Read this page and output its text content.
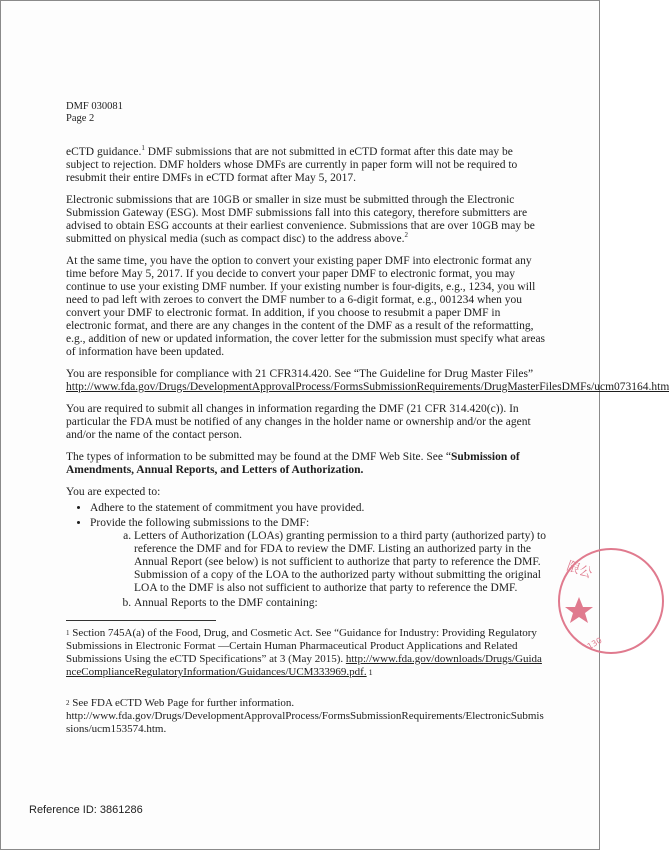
DMF 030081
Page 2

eCTD guidance.$^1$ DMF submissions that are not submitted in eCTD format after this date may be subject to rejection. DMF holders whose DMFs are currently in paper form will not be required to resubmit their entire DMFs in eCTD format after May 5, 2017.

Electronic submissions that are 10GB or smaller in size must be submitted through the Electronic Submission Gateway (ESG). Most DMF submissions fall into this category, therefore submitters are advised to obtain ESG accounts at their earliest convenience. Submissions that are over 10GB may be submitted on physical media (such as compact disc) to the address above.$^2$

At the same time, you have the option to convert your existing paper DMF into electronic format any time before May 5, 2017. If you decide to convert your paper DMF to electronic format, you may continue to use your existing DMF number. If your existing number is four-digits, e.g., 1234, you will need to pad left with zeroes to convert the DMF number to a 6-digit format, e.g., 001234 when you convert your DMF to electronic format. In addition, if you choose to resubmit a paper DMF in electronic format, and there are any changes in the content of the DMF as a result of the reformatting, e.g., addition of new or updated information, the cover letter for the submission must specify what areas of information have been updated.

You are responsible for compliance with 21 CFR314.420. See “The Guideline for Drug Master Files” http://www.fda.gov/Drugs/DevelopmentApprovalProcess/FormsSubmissionRequirements/DrugMasterFilesDMFs/ucm073164.htm

You are required to submit all changes in information regarding the DMF (21 CFR 314.420(c)). In particular the FDA must be notified of any changes in the holder name or ownership and/or the agent and/or the name of the contact person.

The types of information to be submitted may be found at the DMF Web Site. See “Submission of Amendments, Annual Reports, and Letters of Authorization.

You are expected to:
• Adhere to the statement of commitment you have provided.
• Provide the following submissions to the DMF:
a. Letters of Authorization (LOAs) granting permission to a third party (authorized party) to reference the DMF and for FDA to review the DMF. Listing an authorized party in the Annual Report (see below) is not sufficient to authorize that party to reference the DMF. Submission of a copy of the LOA to the authorized party without submitting the original LOA to the DMF is also not sufficient to authorize that party to reference the DMF.
b. Annual Reports to the DMF containing:
$^1$ Section 745A(a) of the Food, Drug, and Cosmetic Act. See “Guidance for Industry: Providing Regulatory Submissions in Electronic Format —Certain Human Pharmaceutical Product Applications and Related Submissions Using the eCTD Specifications” at 3 (May 2015). http://www.fda.gov/downloads/Drugs/GuidanceComplianceRegulatoryInformation/Guidances/UCM333969.pdf. 1
$^2$ See FDA eCTD Web Page for further information.
http://www.fda.gov/Drugs/DevelopmentApprovalProcess/FormsSubmissionRequirements/ElectronicSubmissions/ucm153574.htm.
限公
130
Reference ID: 3861286
